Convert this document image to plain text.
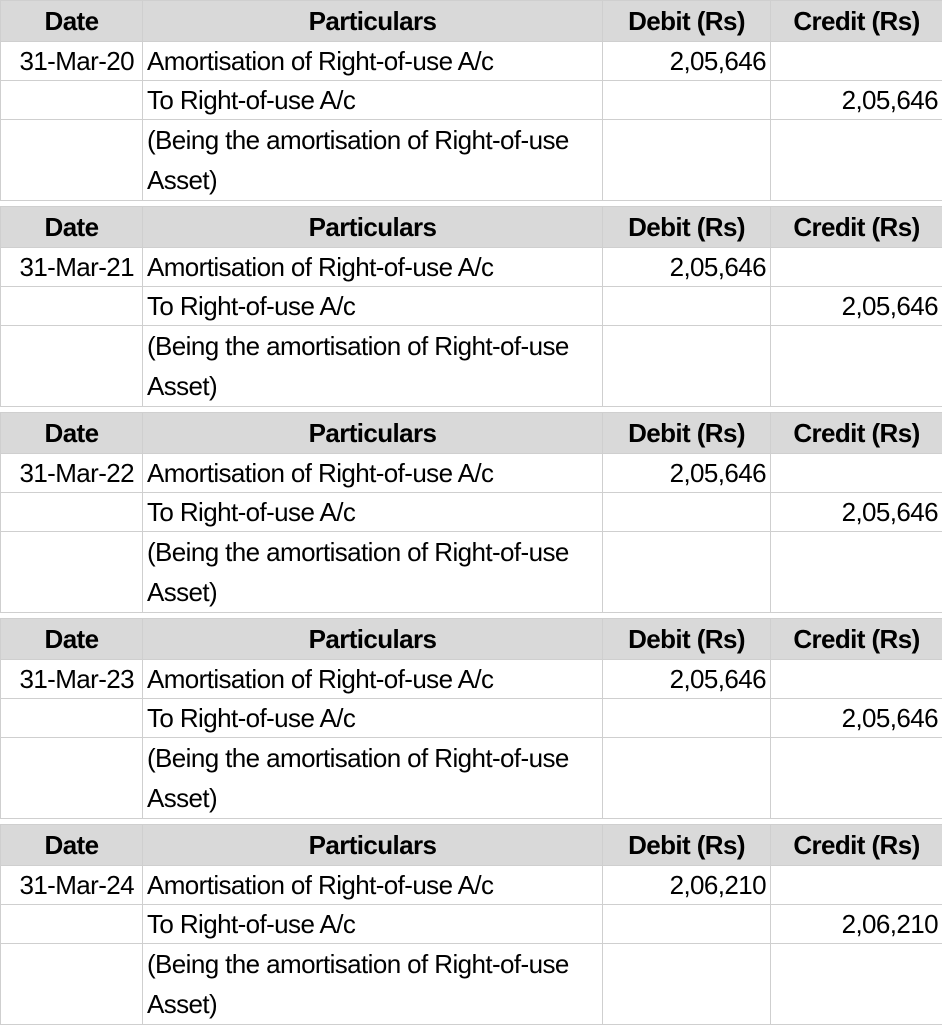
Date	Particulars	Debit (Rs)	Credit (Rs)
31-Mar-20	Amortisation of Right-of-use A/c	2,05,646	
	To Right-of-use A/c		2,05,646
	(Being the amortisation of Right-of-use Asset)		
Date	Particulars	Debit (Rs)	Credit (Rs)
31-Mar-21	Amortisation of Right-of-use A/c	2,05,646	
	To Right-of-use A/c		2,05,646
	(Being the amortisation of Right-of-use Asset)		
Date	Particulars	Debit (Rs)	Credit (Rs)
31-Mar-22	Amortisation of Right-of-use A/c	2,05,646	
	To Right-of-use A/c		2,05,646
	(Being the amortisation of Right-of-use Asset)		
Date	Particulars	Debit (Rs)	Credit (Rs)
31-Mar-23	Amortisation of Right-of-use A/c	2,05,646	
	To Right-of-use A/c		2,05,646
	(Being the amortisation of Right-of-use Asset)		
Date	Particulars	Debit (Rs)	Credit (Rs)
31-Mar-24	Amortisation of Right-of-use A/c	2,06,210	
	To Right-of-use A/c		2,06,210
	(Being the amortisation of Right-of-use Asset)		
